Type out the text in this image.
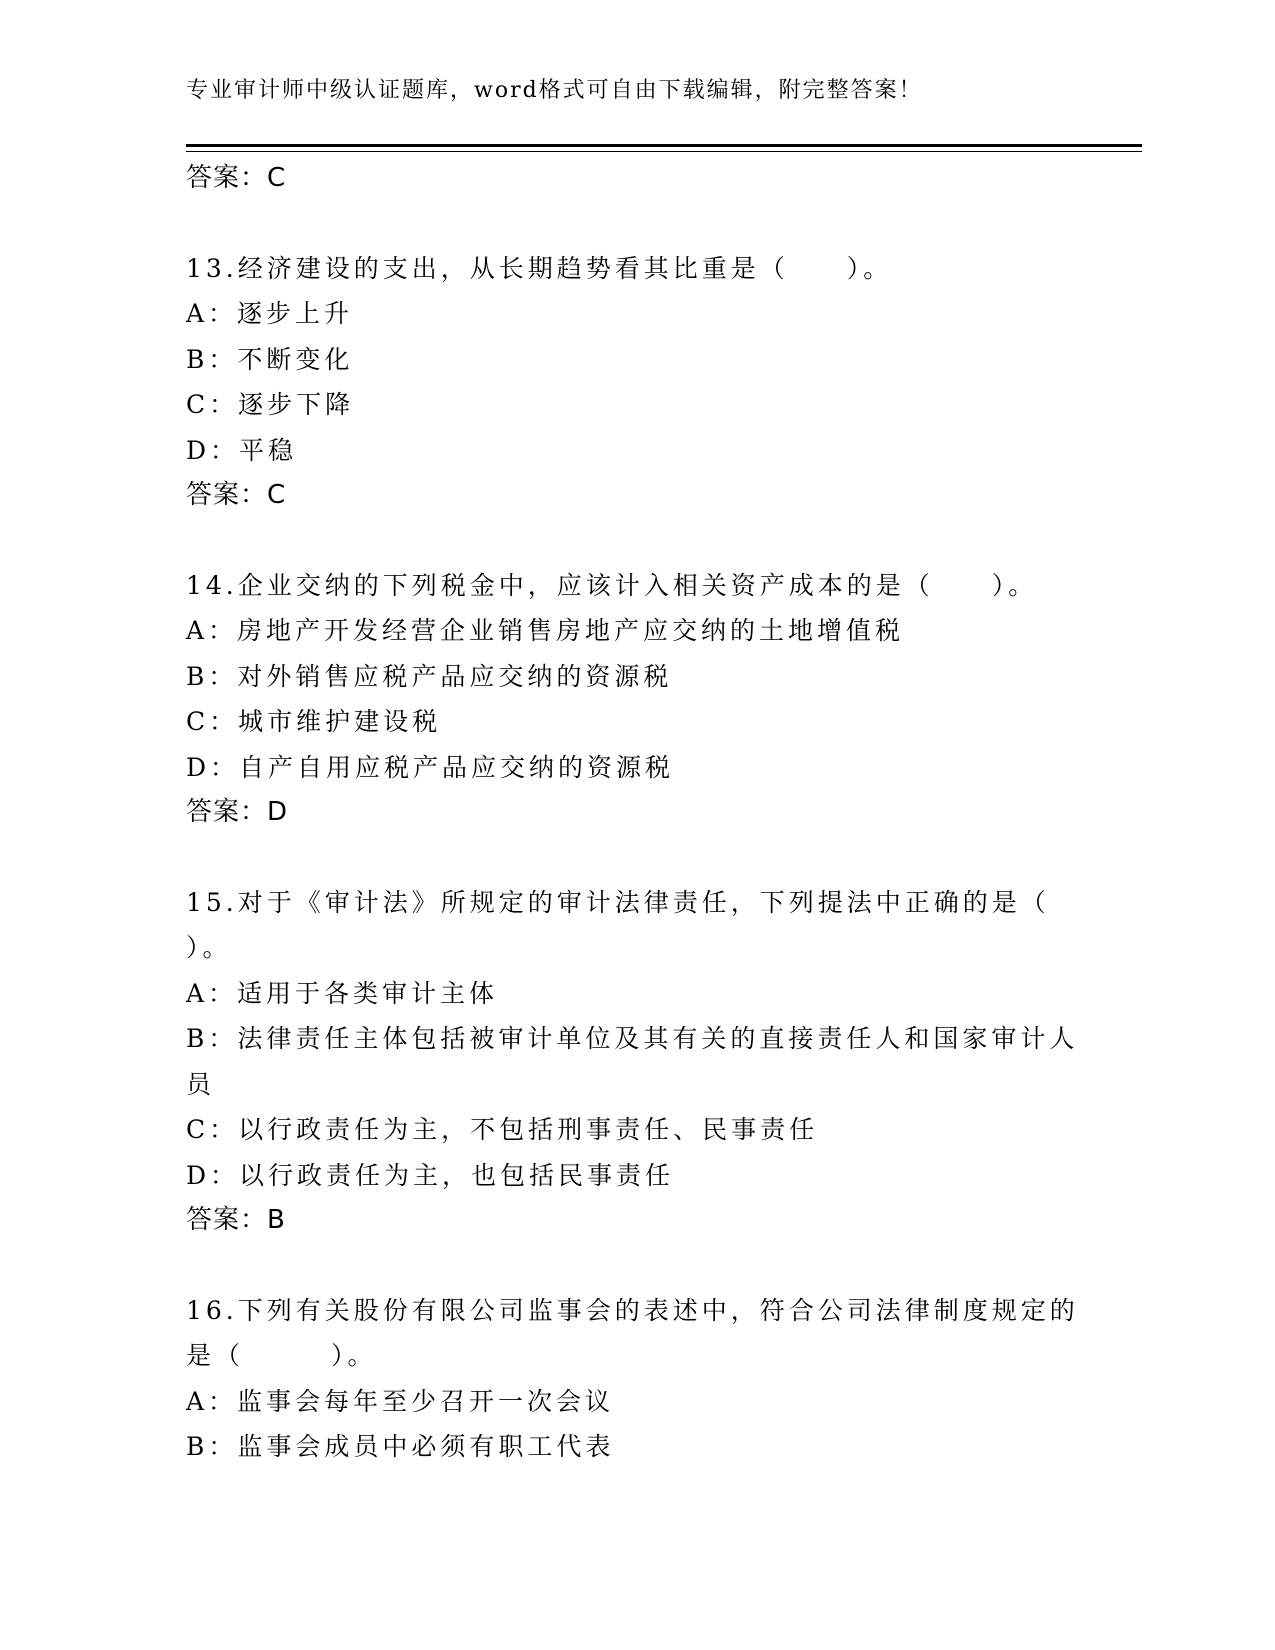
专业审计师中级认证题库，word格式可自由下载编辑，附完整答案！
答案：C
13.经济建设的支出，从长期趋势看其比重是（　　）。
A：逐步上升
B：不断变化
C：逐步下降
D：平稳
答案：C
14.企业交纳的下列税金中，应该计入相关资产成本的是（　　）。
A：房地产开发经营企业销售房地产应交纳的土地增值税
B：对外销售应税产品应交纳的资源税
C：城市维护建设税
D：自产自用应税产品应交纳的资源税
答案：D
15.对于《审计法》所规定的审计法律责任，下列提法中正确的是（
）。
A：适用于各类审计主体
B：法律责任主体包括被审计单位及其有关的直接责任人和国家审计人
员
C：以行政责任为主，不包括刑事责任、民事责任
D：以行政责任为主，也包括民事责任
答案：B
16.下列有关股份有限公司监事会的表述中，符合公司法律制度规定的
是（　　　）。
A：监事会每年至少召开一次会议
B：监事会成员中必须有职工代表
